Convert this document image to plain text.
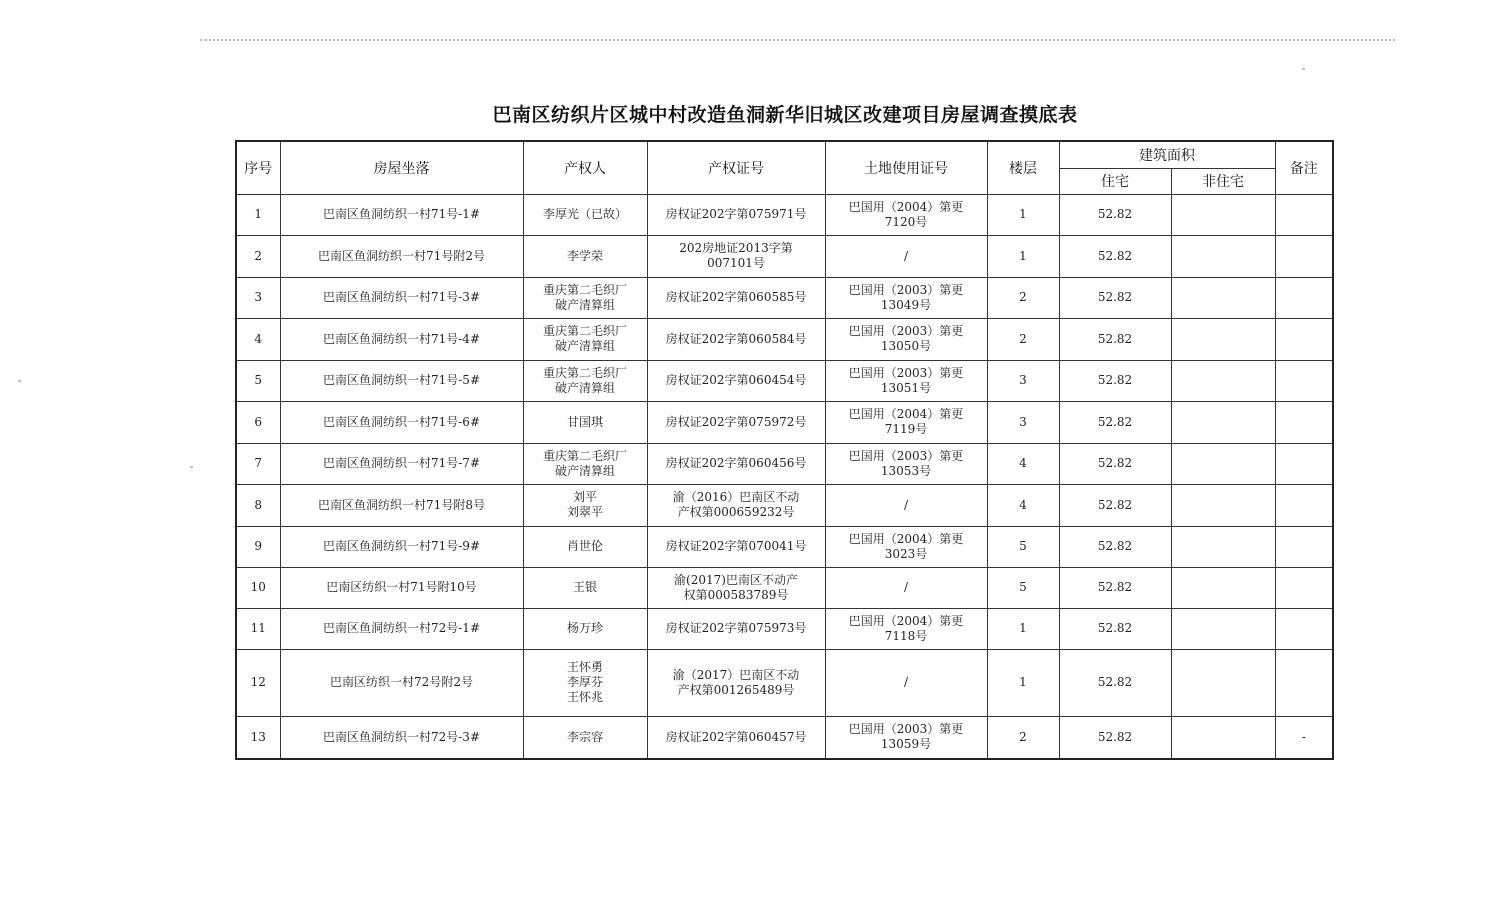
巴南区纺织片区城中村改造鱼洞新华旧城区改建项目房屋调查摸底表
序号	房屋坐落	产权人	产权证号	土地使用证号	楼层	建筑面积		备注
						住宅	非住宅	
1	巴南区鱼洞纺织一村71号-1#	李厚光（已故）	房权证202字第075971号	巴国用（2004）第更
7120号	1	52.82		
2	巴南区鱼洞纺织一村71号附2号	李学荣	202房地证2013字第
007101号	/	1	52.82		
3	巴南区鱼洞纺织一村71号-3#	重庆第二毛织厂
破产清算组	房权证202字第060585号	巴国用（2003）第更
13049号	2	52.82		
4	巴南区鱼洞纺织一村71号-4#	重庆第二毛织厂
破产清算组	房权证202字第060584号	巴国用（2003）第更
13050号	2	52.82		
5	巴南区鱼洞纺织一村71号-5#	重庆第二毛织厂
破产清算组	房权证202字第060454号	巴国用（2003）第更
13051号	3	52.82		
6	巴南区鱼洞纺织一村71号-6#	甘国琪	房权证202字第075972号	巴国用（2004）第更
7119号	3	52.82		
7	巴南区鱼洞纺织一村71号-7#	重庆第二毛织厂
破产清算组	房权证202字第060456号	巴国用（2003）第更
13053号	4	52.82		
8	巴南区鱼洞纺织一村71号附8号	刘平
刘翠平	渝（2016）巴南区不动
产权第000659232号	/	4	52.82		
9	巴南区鱼洞纺织一村71号-9#	肖世伦	房权证202字第070041号	巴国用（2004）第更
3023号	5	52.82		
10	巴南区纺织一村71号附10号	王银	渝(2017)巴南区不动产
权第000583789号	/	5	52.82		
11	巴南区鱼洞纺织一村72号-1#	杨万珍	房权证202字第075973号	巴国用（2004）第更
7118号	1	52.82		
12	巴南区纺织一村72号附2号	王怀勇
李厚芬
王怀兆	渝（2017）巴南区不动
产权第001265489号	/	1	52.82		
13	巴南区鱼洞纺织一村72号-3#	李宗容	房权证202字第060457号	巴国用（2003）第更
13059号	2	52.82		-
